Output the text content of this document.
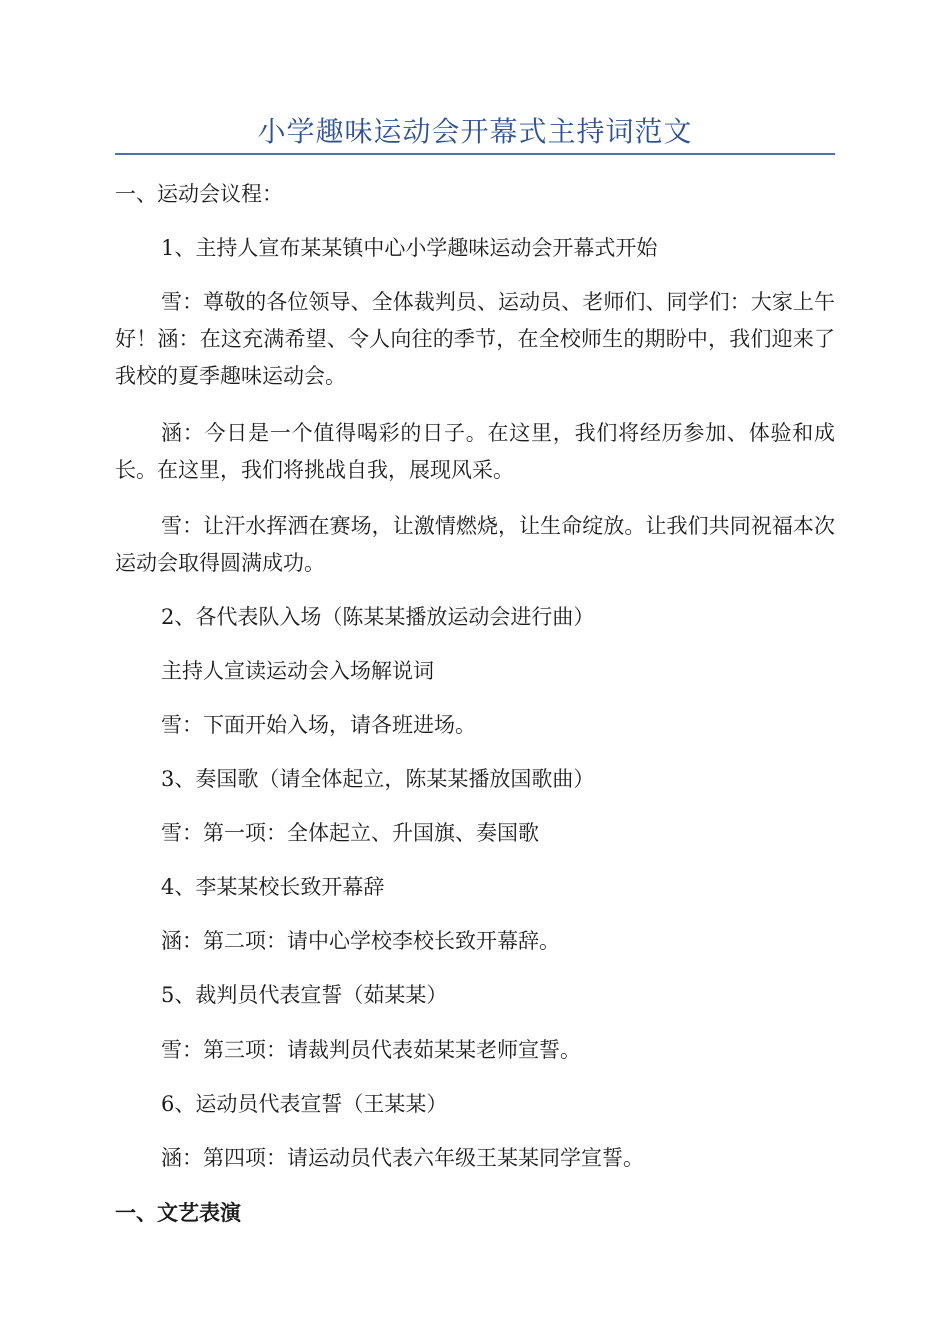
小学趣味运动会开幕式主持词范文

一、运动会议程：

1、主持人宣布某某镇中心小学趣味运动会开幕式开始

雪：尊敬的各位领导、全体裁判员、运动员、老师们、同学们：大家上午好！涵：在这充满希望、令人向往的季节，在全校师生的期盼中，我们迎来了我校的夏季趣味运动会。

涵：今日是一个值得喝彩的日子。在这里，我们将经历参加、体验和成长。在这里，我们将挑战自我，展现风采。

雪：让汗水挥洒在赛场，让激情燃烧，让生命绽放。让我们共同祝福本次运动会取得圆满成功。

2、各代表队入场（陈某某播放运动会进行曲）

主持人宣读运动会入场解说词

雪：下面开始入场，请各班进场。

3、奏国歌（请全体起立，陈某某播放国歌曲）

雪：第一项：全体起立、升国旗、奏国歌

4、李某某校长致开幕辞

涵：第二项：请中心学校李校长致开幕辞。

5、裁判员代表宣誓（茹某某）

雪：第三项：请裁判员代表茹某某老师宣誓。

6、运动员代表宣誓（王某某）

涵：第四项：请运动员代表六年级王某某同学宣誓。

一、文艺表演
